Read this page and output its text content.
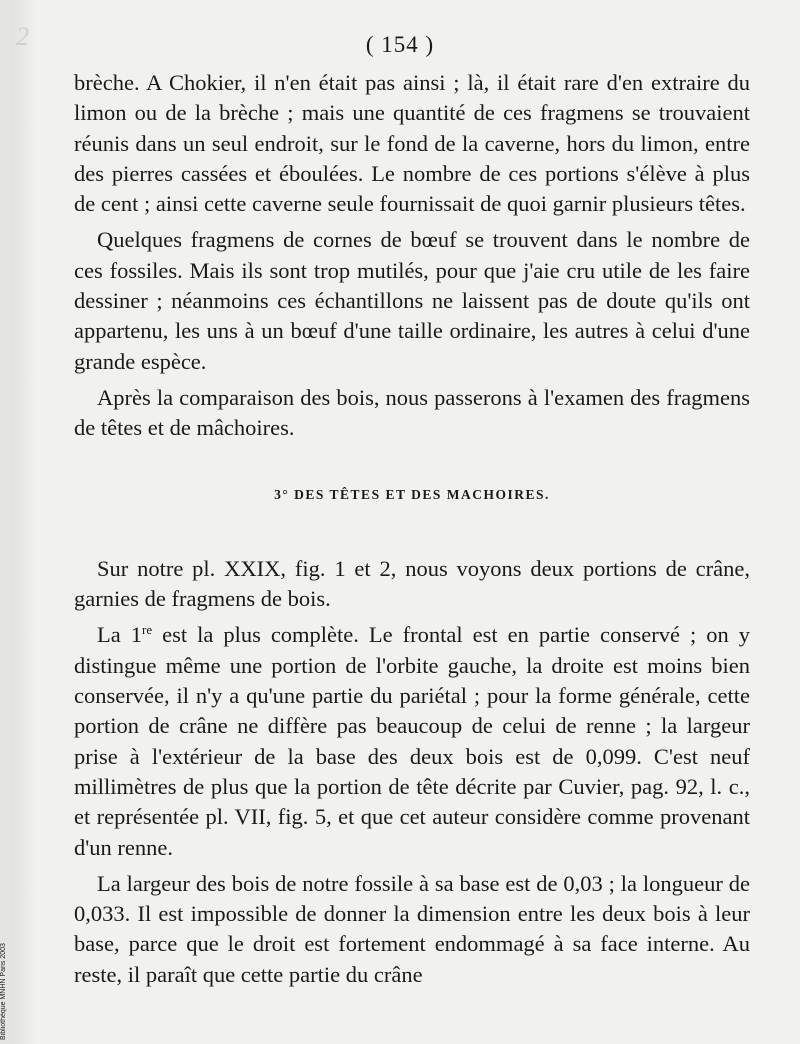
2
Bibliothèque MNHN Paris 2003
( 154 )

brèche. A Chokier, il n'en était pas ainsi ; là, il était rare d'en extraire du limon ou de la brèche ; mais une quantité de ces fragmens se trouvaient réunis dans un seul endroit, sur le fond de la caverne, hors du limon, entre des pierres cassées et éboulées. Le nombre de ces portions s'élève à plus de cent ; ainsi cette caverne seule fournissait de quoi garnir plusieurs têtes.

Quelques fragmens de cornes de bœuf se trouvent dans le nombre de ces fossiles. Mais ils sont trop mutilés, pour que j'aie cru utile de les faire dessiner ; néanmoins ces échantillons ne laissent pas de doute qu'ils ont appartenu, les uns à un bœuf d'une taille ordinaire, les autres à celui d'une grande espèce.

Après la comparaison des bois, nous passerons à l'examen des fragmens de têtes et de mâchoires.

3° DES TÊTES ET DES MACHOIRES.

Sur notre pl. XXIX, fig. 1 et 2, nous voyons deux portions de crâne, garnies de fragmens de bois.

La 1re est la plus complète. Le frontal est en partie conservé ; on y distingue même une portion de l'orbite gauche, la droite est moins bien conservée, il n'y a qu'une partie du pariétal ; pour la forme générale, cette portion de crâne ne diffère pas beaucoup de celui de renne ; la largeur prise à l'extérieur de la base des deux bois est de 0,099. C'est neuf millimètres de plus que la portion de tête décrite par Cuvier, pag. 92, l. c., et représentée pl. VII, fig. 5, et que cet auteur considère comme provenant d'un renne.

La largeur des bois de notre fossile à sa base est de 0,03 ; la longueur de 0,033. Il est impossible de donner la dimension entre les deux bois à leur base, parce que le droit est fortement endommagé à sa face interne. Au reste, il paraît que cette partie du crâne
